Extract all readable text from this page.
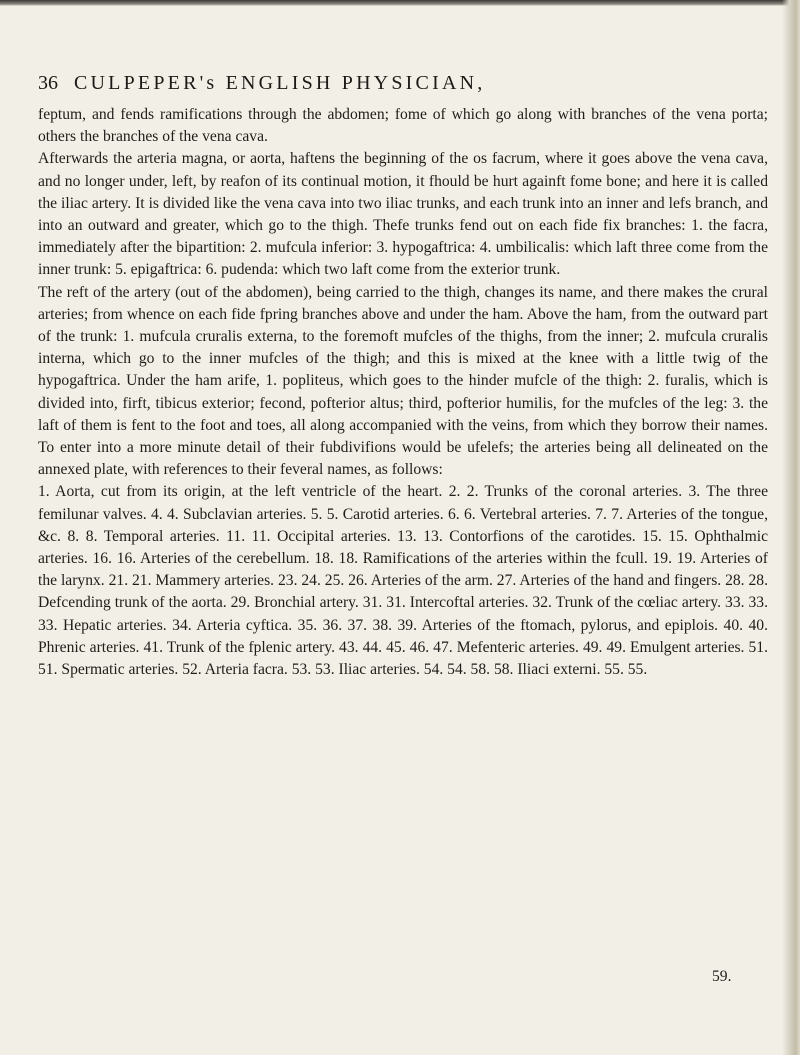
36 CULPEPER's ENGLISH PHYSICIAN,

feptum, and fends ramifications through the abdomen; fome of which go along with branches of the vena porta; others the branches of the vena cava.

Afterwards the arteria magna, or aorta, haftens the beginning of the os facrum, where it goes above the vena cava, and no longer under, left, by reafon of its continual motion, it fhould be hurt againft fome bone; and here it is called the iliac artery. It is divided like the vena cava into two iliac trunks, and each trunk into an inner and lefs branch, and into an outward and greater, which go to the thigh. Thefe trunks fend out on each fide fix branches: 1. the facra, immediately after the bipartition: 2. mufcula inferior: 3. hypogaftrica: 4. umbilicalis: which laft three come from the inner trunk: 5. epigaftrica: 6. pudenda: which two laft come from the exterior trunk.

The reft of the artery (out of the abdomen), being carried to the thigh, changes its name, and there makes the crural arteries; from whence on each fide fpring branches above and under the ham. Above the ham, from the outward part of the trunk: 1. mufcula cruralis externa, to the foremoft mufcles of the thighs, from the inner; 2. mufcula cruralis interna, which go to the inner mufcles of the thigh; and this is mixed at the knee with a little twig of the hypogaftrica. Under the ham arife, 1. popliteus, which goes to the hinder mufcle of the thigh: 2. furalis, which is divided into, firft, tibicus exterior; fecond, pofterior altus; third, pofterior humilis, for the mufcles of the leg: 3. the laft of them is fent to the foot and toes, all along accompanied with the veins, from which they borrow their names. To enter into a more minute detail of their fubdivifions would be ufelefs; the arteries being all delineated on the annexed plate, with references to their feveral names, as follows:

1. Aorta, cut from its origin, at the left ventricle of the heart. 2. 2. Trunks of the coronal arteries. 3. The three femilunar valves. 4. 4. Subclavian arteries. 5. 5. Carotid arteries. 6. 6. Vertebral arteries. 7. 7. Arteries of the tongue, &c. 8. 8. Temporal arteries. 11. 11. Occipital arteries. 13. 13. Contorfions of the carotides. 15. 15. Ophthalmic arteries. 16. 16. Arteries of the cerebellum. 18. 18. Ramifications of the arteries within the fcull. 19. 19. Arteries of the larynx. 21. 21. Mammery arteries. 23. 24. 25. 26. Arteries of the arm. 27. Arteries of the hand and fingers. 28. 28. Defcending trunk of the aorta. 29. Bronchial artery. 31. 31. Intercoftal arteries. 32. Trunk of the cœliac artery. 33. 33. 33. Hepatic arteries. 34. Arteria cyftica. 35. 36. 37. 38. 39. Arteries of the ftomach, pylorus, and epiplois. 40. 40. Phrenic arteries. 41. Trunk of the fplenic artery. 43. 44. 45. 46. 47. Mefenteric arteries. 49. 49. Emulgent arteries. 51. 51. Spermatic arteries. 52. Arteria facra. 53. 53. Iliac arteries. 54. 54. 58. 58. Iliaci externi. 55. 55.

59.
